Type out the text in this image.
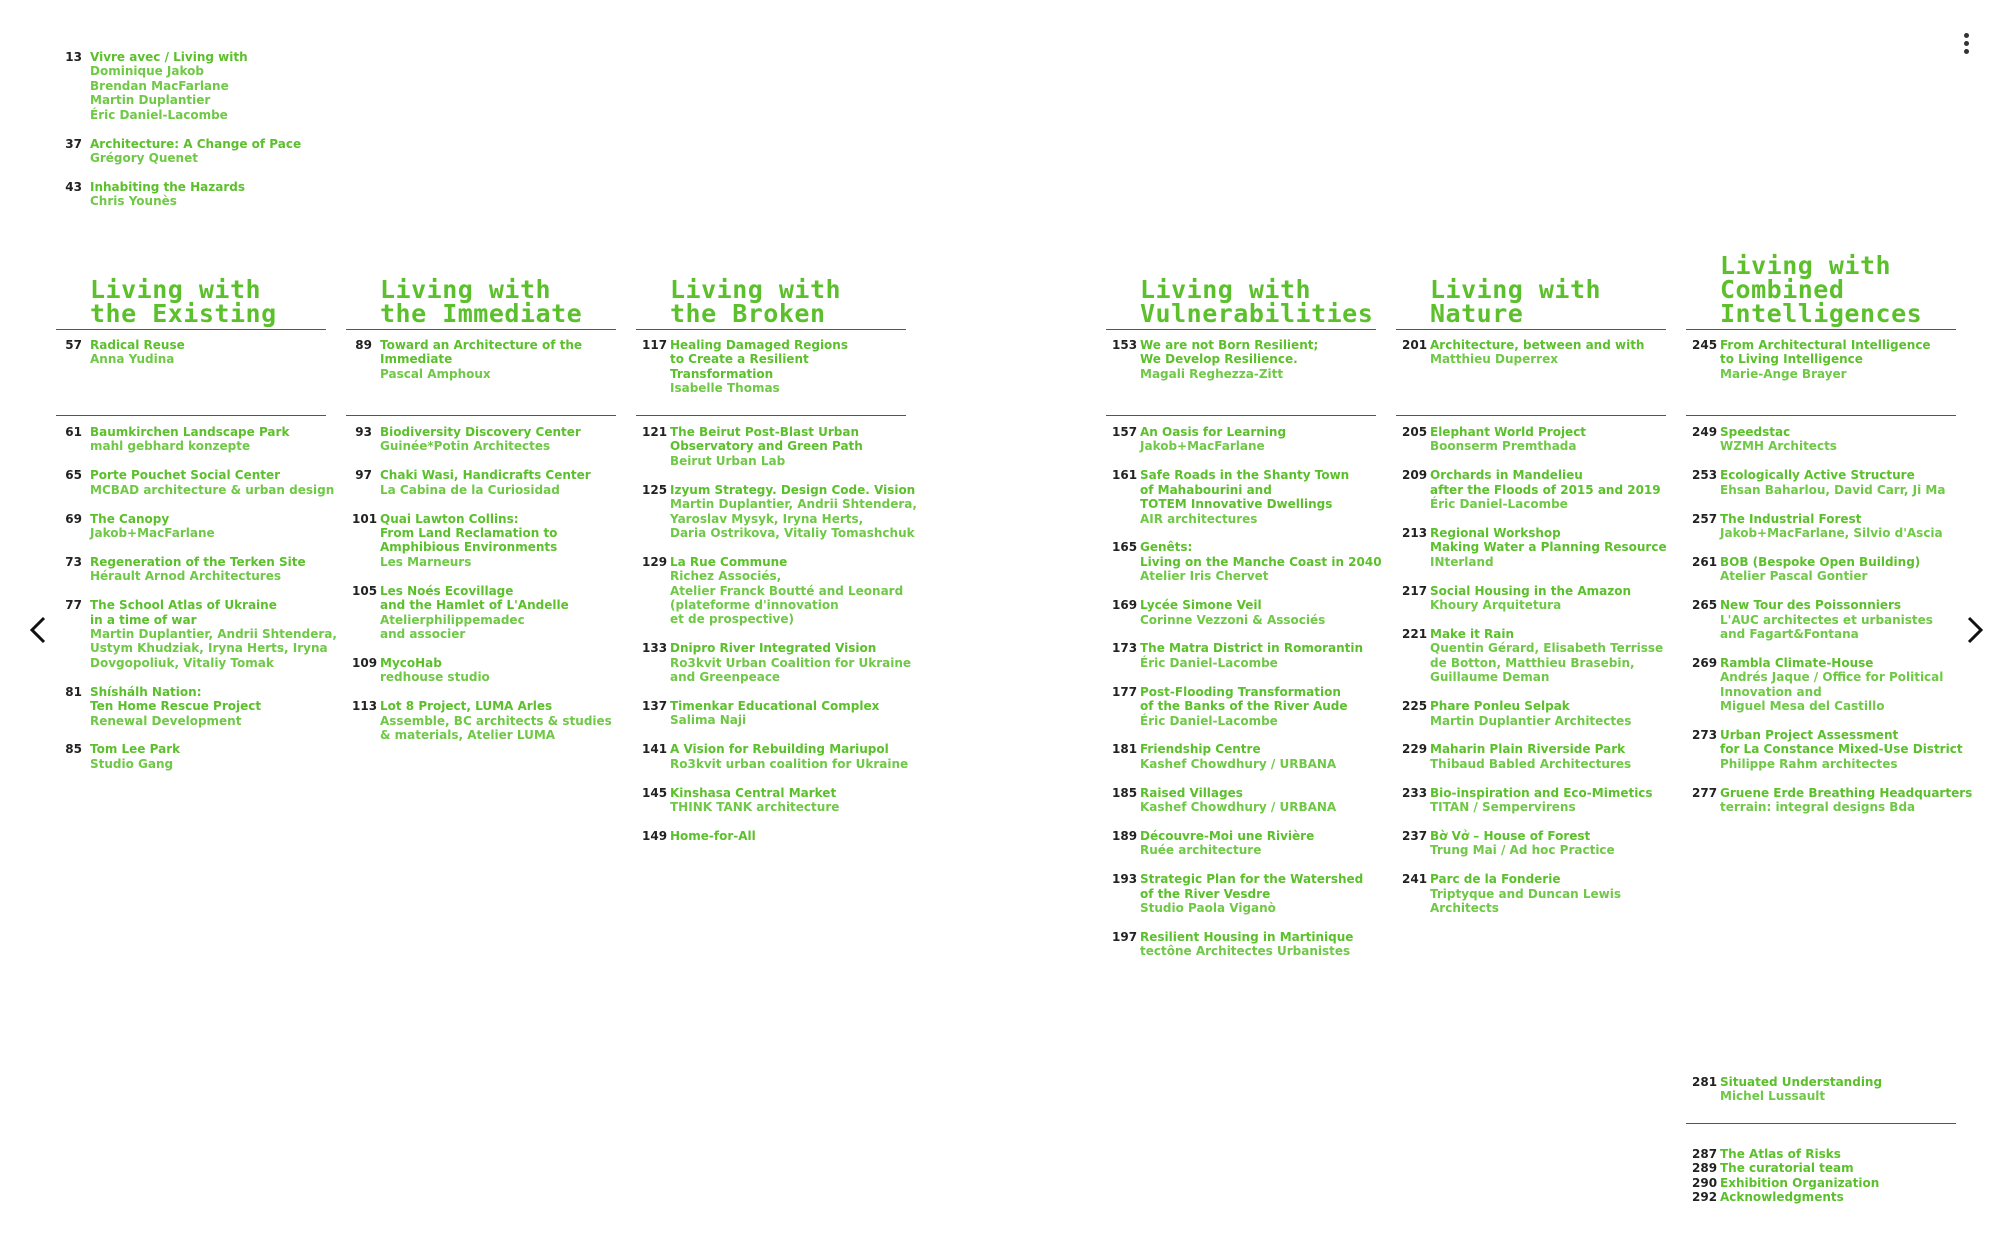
13 Vivre avec / Living with
Dominique Jakob
Brendan MacFarlane
Martin Duplantier
Éric Daniel-Lacombe
37 Architecture: A Change of Pace
Grégory Quenet
43 Inhabiting the Hazards
Chris Younès
Living with
the Existing
57 Radical Reuse
Anna Yudina
61 Baumkirchen Landscape Park
mahl gebhard konzepte
65 Porte Pouchet Social Center
MCBAD architecture & urban design
69 The Canopy
Jakob+MacFarlane
73 Regeneration of the Terken Site
Hérault Arnod Architectures
77 The School Atlas of Ukraine
in a time of war
Martin Duplantier, Andrii Shtendera,
Ustym Khudziak, Iryna Herts, Iryna
Dovgopoliuk, Vitaliy Tomak
81 Shíshálh Nation:
Ten Home Rescue Project
Renewal Development
85 Tom Lee Park
Studio Gang
Living with
the Immediate
89 Toward an Architecture of the
Immediate
Pascal Amphoux
93 Biodiversity Discovery Center
Guinée*Potin Architectes
97 Chaki Wasi, Handicrafts Center
La Cabina de la Curiosidad
101 Quai Lawton Collins:
From Land Reclamation to
Amphibious Environments
Les Marneurs
105 Les Noés Ecovillage
and the Hamlet of L'Andelle
Atelierphilippemadec
and associer
109 MycoHab
redhouse studio
113 Lot 8 Project, LUMA Arles
Assemble, BC architects & studies
& materials, Atelier LUMA
Living with
the Broken
117 Healing Damaged Regions
to Create a Resilient
Transformation
Isabelle Thomas
121 The Beirut Post-Blast Urban
Observatory and Green Path
Beirut Urban Lab
125 Izyum Strategy. Design Code. Vision
Martin Duplantier, Andrii Shtendera,
Yaroslav Mysyk, Iryna Herts,
Daria Ostrikova, Vitaliy Tomashchuk
129 La Rue Commune
Richez Associés,
Atelier Franck Boutté and Leonard
(plateforme d'innovation
et de prospective)
133 Dnipro River Integrated Vision
Ro3kvit Urban Coalition for Ukraine
and Greenpeace
137 Timenkar Educational Complex
Salima Naji
141 A Vision for Rebuilding Mariupol
Ro3kvit urban coalition for Ukraine
145 Kinshasa Central Market
THINK TANK architecture
149 Home-for-All
Living with
Vulnerabilities
153 We are not Born Resilient;
We Develop Resilience.
Magali Reghezza-Zitt
157 An Oasis for Learning
Jakob+MacFarlane
161 Safe Roads in the Shanty Town
of Mahabourini and
TOTEM Innovative Dwellings
AIR architectures
165 Genêts:
Living on the Manche Coast in 2040
Atelier Iris Chervet
169 Lycée Simone Veil
Corinne Vezzoni & Associés
173 The Matra District in Romorantin
Éric Daniel-Lacombe
177 Post-Flooding Transformation
of the Banks of the River Aude
Éric Daniel-Lacombe
181 Friendship Centre
Kashef Chowdhury / URBANA
185 Raised Villages
Kashef Chowdhury / URBANA
189 Découvre-Moi une Rivière
Ruée architecture
193 Strategic Plan for the Watershed
of the River Vesdre
Studio Paola Viganò
197 Resilient Housing in Martinique
tectône Architectes Urbanistes
Living with
Nature
201 Architecture, between and with
Matthieu Duperrex
205 Elephant World Project
Boonserm Premthada
209 Orchards in Mandelieu
after the Floods of 2015 and 2019
Éric Daniel-Lacombe
213 Regional Workshop
Making Water a Planning Resource
INterland
217 Social Housing in the Amazon
Khoury Arquitetura
221 Make it Rain
Quentin Gérard, Elisabeth Terrisse
de Botton, Matthieu Brasebin,
Guillaume Deman
225 Phare Ponleu Selpak
Martin Duplantier Architectes
229 Maharin Plain Riverside Park
Thibaud Babled Architectures
233 Bio-inspiration and Eco-Mimetics
TITAN / Sempervirens
237 Bờ Vở – House of Forest
Trung Mai / Ad hoc Practice
241 Parc de la Fonderie
Triptyque and Duncan Lewis
Architects
Living with
Combined
Intelligences
245 From Architectural Intelligence
to Living Intelligence
Marie-Ange Brayer
249 Speedstac
WZMH Architects
253 Ecologically Active Structure
Ehsan Baharlou, David Carr, Ji Ma
257 The Industrial Forest
Jakob+MacFarlane, Silvio d'Ascia
261 BOB (Bespoke Open Building)
Atelier Pascal Gontier
265 New Tour des Poissonniers
L'AUC architectes et urbanistes
and Fagart&Fontana
269 Rambla Climate-House
Andrés Jaque / Office for Political
Innovation and
Miguel Mesa del Castillo
273 Urban Project Assessment
for La Constance Mixed-Use District
Philippe Rahm architectes
277 Gruene Erde Breathing Headquarters
terrain: integral designs Bda
281 Situated Understanding
Michel Lussault
287 The Atlas of Risks
289 The curatorial team
290 Exhibition Organization
292 Acknowledgments
